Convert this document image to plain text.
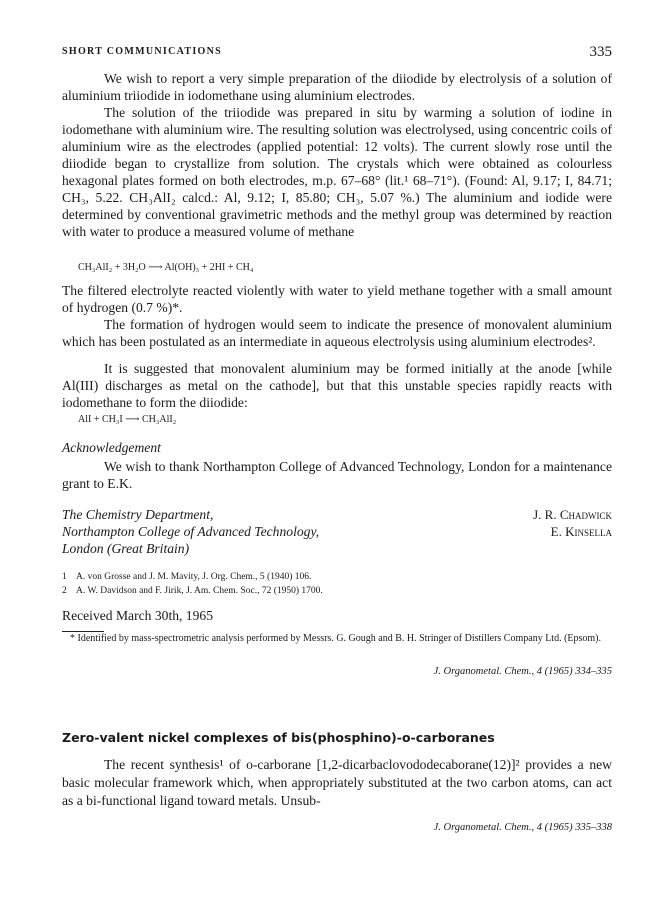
SHORT COMMUNICATIONS	335

We wish to report a very simple preparation of the diiodide by electrolysis of a solution of aluminium triiodide in iodomethane using aluminium electrodes.

The solution of the triiodide was prepared in situ by warming a solution of iodine in iodomethane with aluminium wire. The resulting solution was electrolysed, using concentric coils of aluminium wire as the electrodes (applied potential: 12 volts). The current slowly rose until the diiodide began to crystallize from solution. The crystals which were obtained as colourless hexagonal plates formed on both electrodes, m.p. 67–68° (lit.¹ 68–71°). (Found: Al, 9.17; I, 84.71; CH₃, 5.22. CH₃AlI₂ calcd.: Al, 9.12; I, 85.80; CH₃, 5.07 %.) The aluminium and iodide were determined by conventional gravimetric methods and the methyl group was determined by reaction with water to produce a measured volume of methane

CH₃AlI₂ + 3H₂O ⟶ Al(OH)₃ + 2HI + CH₄

The filtered electrolyte reacted violently with water to yield methane together with a small amount of hydrogen (0.7 %)*.

The formation of hydrogen would seem to indicate the presence of monovalent aluminium which has been postulated as an intermediate in aqueous electrolysis using aluminium electrodes².

It is suggested that monovalent aluminium may be formed initially at the anode [while Al(III) discharges as metal on the cathode], but that this unstable species rapidly reacts with iodomethane to form the diiodide:

AlI + CH₃I ⟶ CH₃AlI₂
Acknowledgement

We wish to thank Northampton College of Advanced Technology, London for a maintenance grant to E.K.

The Chemistry Department,
Northampton College of Advanced Technology,
London (Great Britain)
J. R. Chadwick
E. Kinsella
1 A. von Grosse and J. M. Mavity, J. Org. Chem., 5 (1940) 106.
2 A. W. Davidson and F. Jirik, J. Am. Chem. Soc., 72 (1950) 1700.
Received March 30th, 1965

* Identified by mass-spectrometric analysis performed by Messrs. G. Gough and B. H. Stringer of Distillers Company Ltd. (Epsom).

J. Organometal. Chem., 4 (1965) 334–335
Zero-valent nickel complexes of bis(phosphino)-o-carboranes

The recent synthesis¹ of o-carborane [1,2-dicarbaclovododecaborane(12)]² provides a new basic molecular framework which, when appropriately substituted at the two carbon atoms, can act as a bi-functional ligand toward metals. Unsub-

J. Organometal. Chem., 4 (1965) 335–338
